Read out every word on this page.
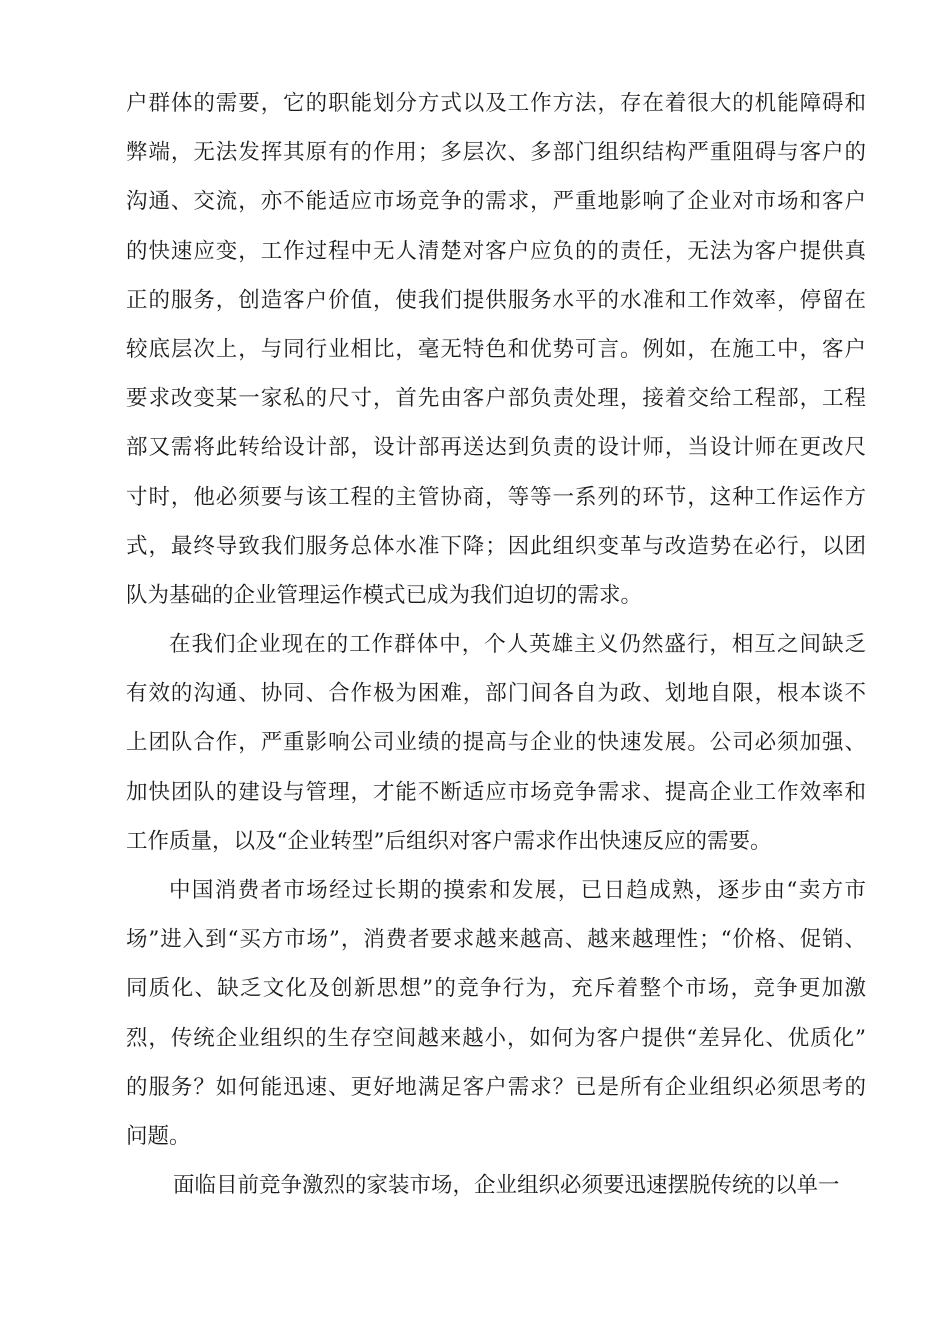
户群体的需要，它的职能划分方式以及工作方法，存在着很大的机能障碍和
弊端，无法发挥其原有的作用；多层次、多部门组织结构严重阻碍与客户的
沟通、交流，亦不能适应市场竞争的需求，严重地影响了企业对市场和客户
的快速应变，工作过程中无人清楚对客户应负的的责任，无法为客户提供真
正的服务，创造客户价值，使我们提供服务水平的水准和工作效率，停留在
较底层次上，与同行业相比，毫无特色和优势可言。例如，在施工中，客户
要求改变某一家私的尺寸，首先由客户部负责处理，接着交给工程部，工程
部又需将此转给设计部，设计部再送达到负责的设计师，当设计师在更改尺
寸时，他必须要与该工程的主管协商，等等一系列的环节，这种工作运作方
式，最终导致我们服务总体水准下降；因此组织变革与改造势在必行，以团
队为基础的企业管理运作模式已成为我们迫切的需求。
在我们企业现在的工作群体中，个人英雄主义仍然盛行，相互之间缺乏
有效的沟通、协同、合作极为困难，部门间各自为政、划地自限，根本谈不
上团队合作，严重影响公司业绩的提高与企业的快速发展。公司必须加强、
加快团队的建设与管理，才能不断适应市场竞争需求、提高企业工作效率和
工作质量，以及“企业转型”后组织对客户需求作出快速反应的需要。
中国消费者市场经过长期的摸索和发展，已日趋成熟，逐步由“卖方市
场”进入到“买方市场”，消费者要求越来越高、越来越理性；“价格、促销、
同质化、缺乏文化及创新思想”的竞争行为，充斥着整个市场，竞争更加激
烈，传统企业组织的生存空间越来越小，如何为客户提供“差异化、优质化”
的服务？如何能迅速、更好地满足客户需求？已是所有企业组织必须思考的
问题。
面临目前竞争激烈的家装市场，企业组织必须要迅速摆脱传统的以单一
